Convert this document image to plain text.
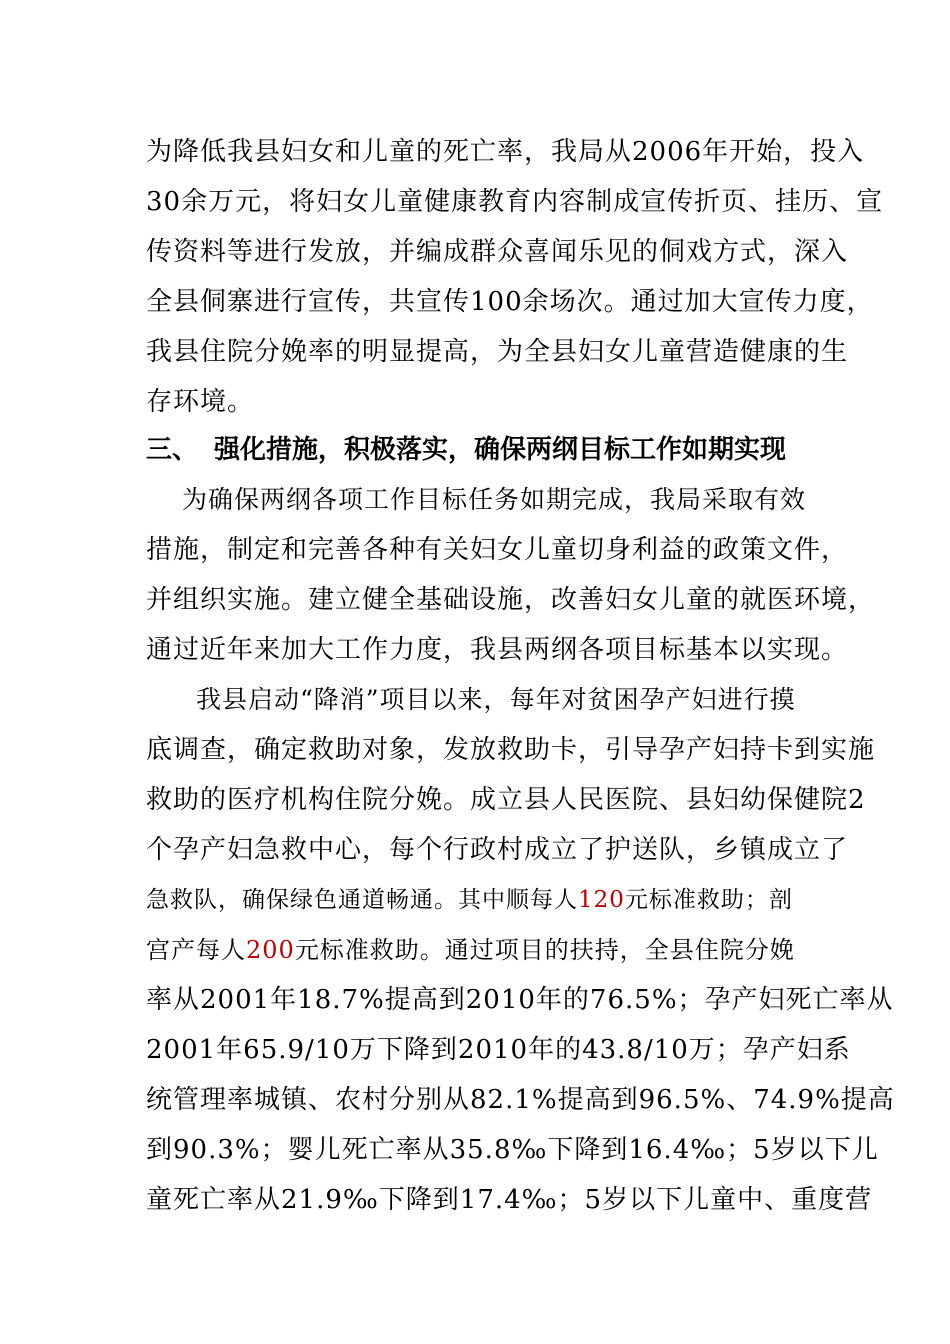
为降低我县妇女和儿童的死亡率，我局从2006年开始，投入
30余万元，将妇女儿童健康教育内容制成宣传折页、挂历、宣
传资料等进行发放，并编成群众喜闻乐见的侗戏方式，深入
全县侗寨进行宣传，共宣传100余场次。通过加大宣传力度，
我县住院分娩率的明显提高，为全县妇女儿童营造健康的生
存环境。
三、 强化措施，积极落实，确保两纲目标工作如期实现
为确保两纲各项工作目标任务如期完成，我局采取有效
措施，制定和完善各种有关妇女儿童切身利益的政策文件，
并组织实施。建立健全基础设施，改善妇女儿童的就医环境，
通过近年来加大工作力度，我县两纲各项目标基本以实现。
我县启动“降消”项目以来，每年对贫困孕产妇进行摸
底调查，确定救助对象，发放救助卡，引导孕产妇持卡到实施
救助的医疗机构住院分娩。成立县人民医院、县妇幼保健院2
个孕产妇急救中心，每个行政村成立了护送队，乡镇成立了
急救队，确保绿色通道畅通。其中顺每人120元标准救助；剖
宫产每人200元标准救助。通过项目的扶持，全县住院分娩
率从2001年18.7%提高到2010年的76.5%；孕产妇死亡率从
2001年65.9/10万下降到2010年的43.8/10万；孕产妇系
统管理率城镇、农村分别从82.1%提高到96.5%、74.9%提高
到90.3%；婴儿死亡率从35.8‰下降到16.4‰；5岁以下儿
童死亡率从21.9‰下降到17.4‰；5岁以下儿童中、重度营
